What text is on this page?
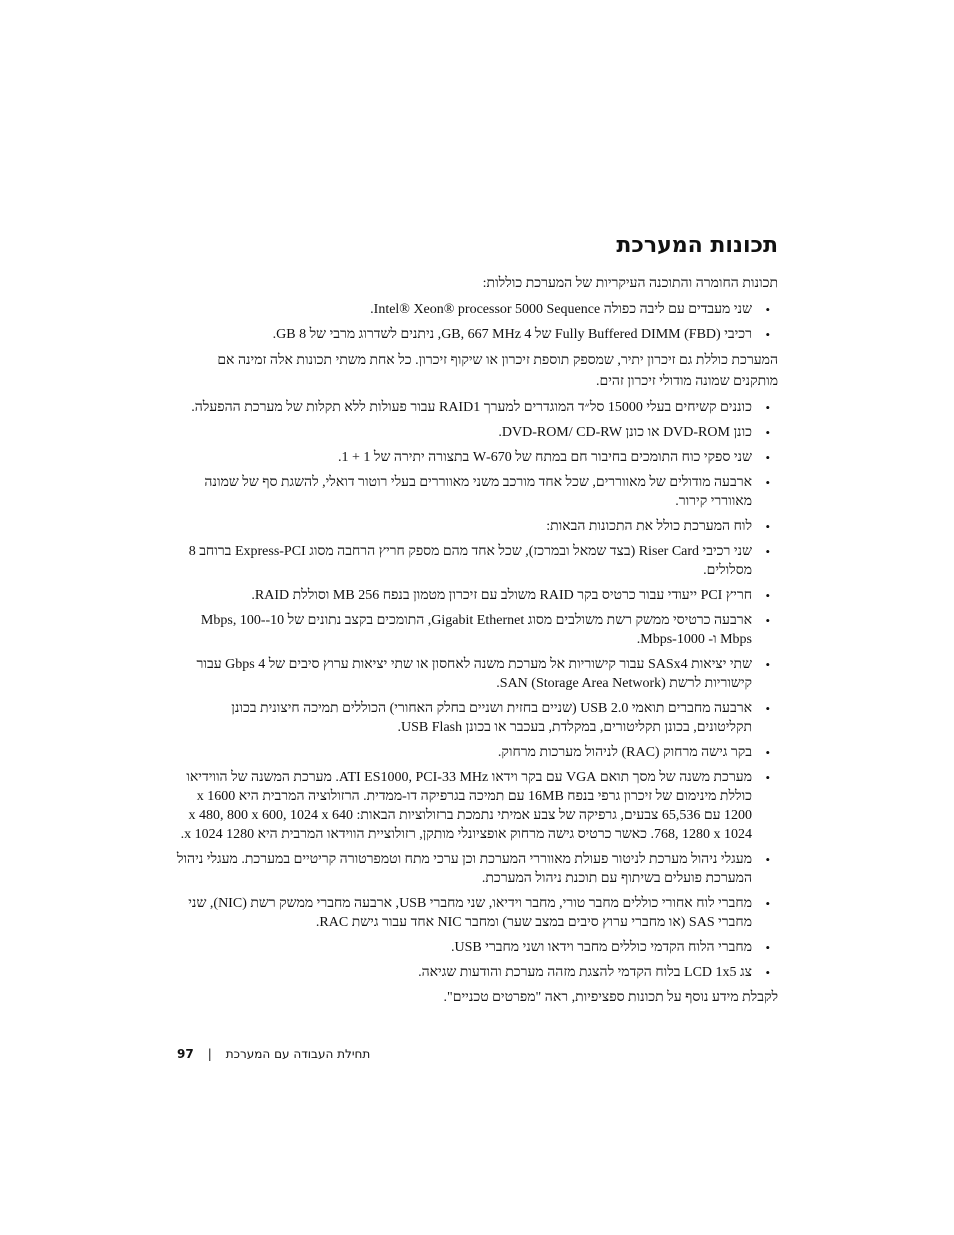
תכונות המערכת
תכונות החומרה והתוכנה העיקריות של המערכת כוללות:
•
שני מעבדים עם ליבה כפולה Intel® Xeon® processor 5000 Sequence.
•
רכיבי Fully Buffered DIMM (FBD) של 4 GB, 667 MHz, ניתנים לשדרוג מרבי של 8 GB.
המערכת כוללת גם זיכרון יתיר, שמספק תוספת זיכרון או שיקוף זיכרון. כל אחת משתי תכונות אלה זמינה אם מותקנים שמונה מודולי זיכרון זהים.
•
כוננים קשיחים בעלי 15000 סל״ד המוגדרים למערך RAID1 עבור פעולות ללא תקלות של מערכת ההפעלה.
•
כונן DVD-ROM או כונן DVD-ROM/ CD-RW.
•
שני ספקי כוח התומכים בחיבור חם במתח של 670-W בתצורה יתירה של 1 + 1.
•
ארבעה מודולים של מאווררים, שכל אחד מורכב משני מאווררים בעלי רוטור דואלי, להשגת סף של שמונה מאווררי קירור.
•
לוח המערכת כולל את התכונות הבאות:
•
שני רכיבי Riser Card (בצד שמאל ובמרכז), שכל אחד מהם מספק חריץ הרחבה מסוג Express-PCI ברוחב 8 מסלולים.
•
חריץ PCI ייעודי עבור כרטיס בקר RAID משולב עם זיכרון מטמון בנפח 256 MB וסוללת RAID.
•
ארבעה כרטיסי ממשק רשת משולבים מסוג Gigabit Ethernet, התומכים בקצב נתונים של 10-Mbps, 100-Mbps ו- 1000-Mbps.
•
שתי יציאות SASx4 עבור קישוריות אל מערכת משנה לאחסון או שתי יציאות ערוץ סיבים של 4 Gbps עבור קישוריות לרשת SAN (Storage Area Network).
•
ארבעה מחברים תואמי USB 2.0 (שניים בחזית ושניים בחלק האחורי) הכוללים תמיכה חיצונית בכונן תקליטונים, בכונן תקליטורים, במקלדת, בעכבר או בכונן USB Flash.
•
בקר גישה מרחוק (RAC) לניהול מערכות מרחוק.
•
מערכת משנה של מסך תואם VGA עם בקר וידאו ATI ES1000, PCI-33 MHz. מערכת המשנה של הווידיאו כוללת מינימום של זיכרון גרפי בנפח 16MB עם תמיכה בגרפיקה דו-ממדית. הרזולוציה המרבית היא 1600 x 1200 עם 65,536 צבעים, גרפיקה של צבע אמיתי נתמכת ברזולוציות הבאות: 640 x 480, 800 x 600, 1024 x 768, 1280 x 1024. כאשר כרטיס גישה מרחוק אופציונלי מותקן, רזולוציית הווידאו המרבית היא 1280 x 1024.
•
מעגלי ניהול מערכת לניטור פעולת מאווררי המערכת וכן ערכי מתח וטמפרטורה קריטיים במערכת. מעגלי ניהול המערכת פועלים בשיתוף עם תוכנת ניהול המערכת.
•
מחברי לוח אחורי כוללים מחבר טורי, מחבר וידיאו, שני מחברי USB, ארבעה מחברי ממשק רשת (NIC), שני מחברי SAS (או מחברי ערוץ סיבים במצב שער) ומחבר NIC אחד עבור גישת RAC.
•
מחברי הלוח הקדמי כוללים מחבר וידאו ושני מחברי USB.
•
צג LCD 1x5 בלוח הקדמי להצגת מזהה מערכת והודעות שגיאה.
לקבלת מידע נוסף על תכונות ספציפיות, ראה "מפרטים טכניים".
97 | תחילת העבודה עם המערכת
